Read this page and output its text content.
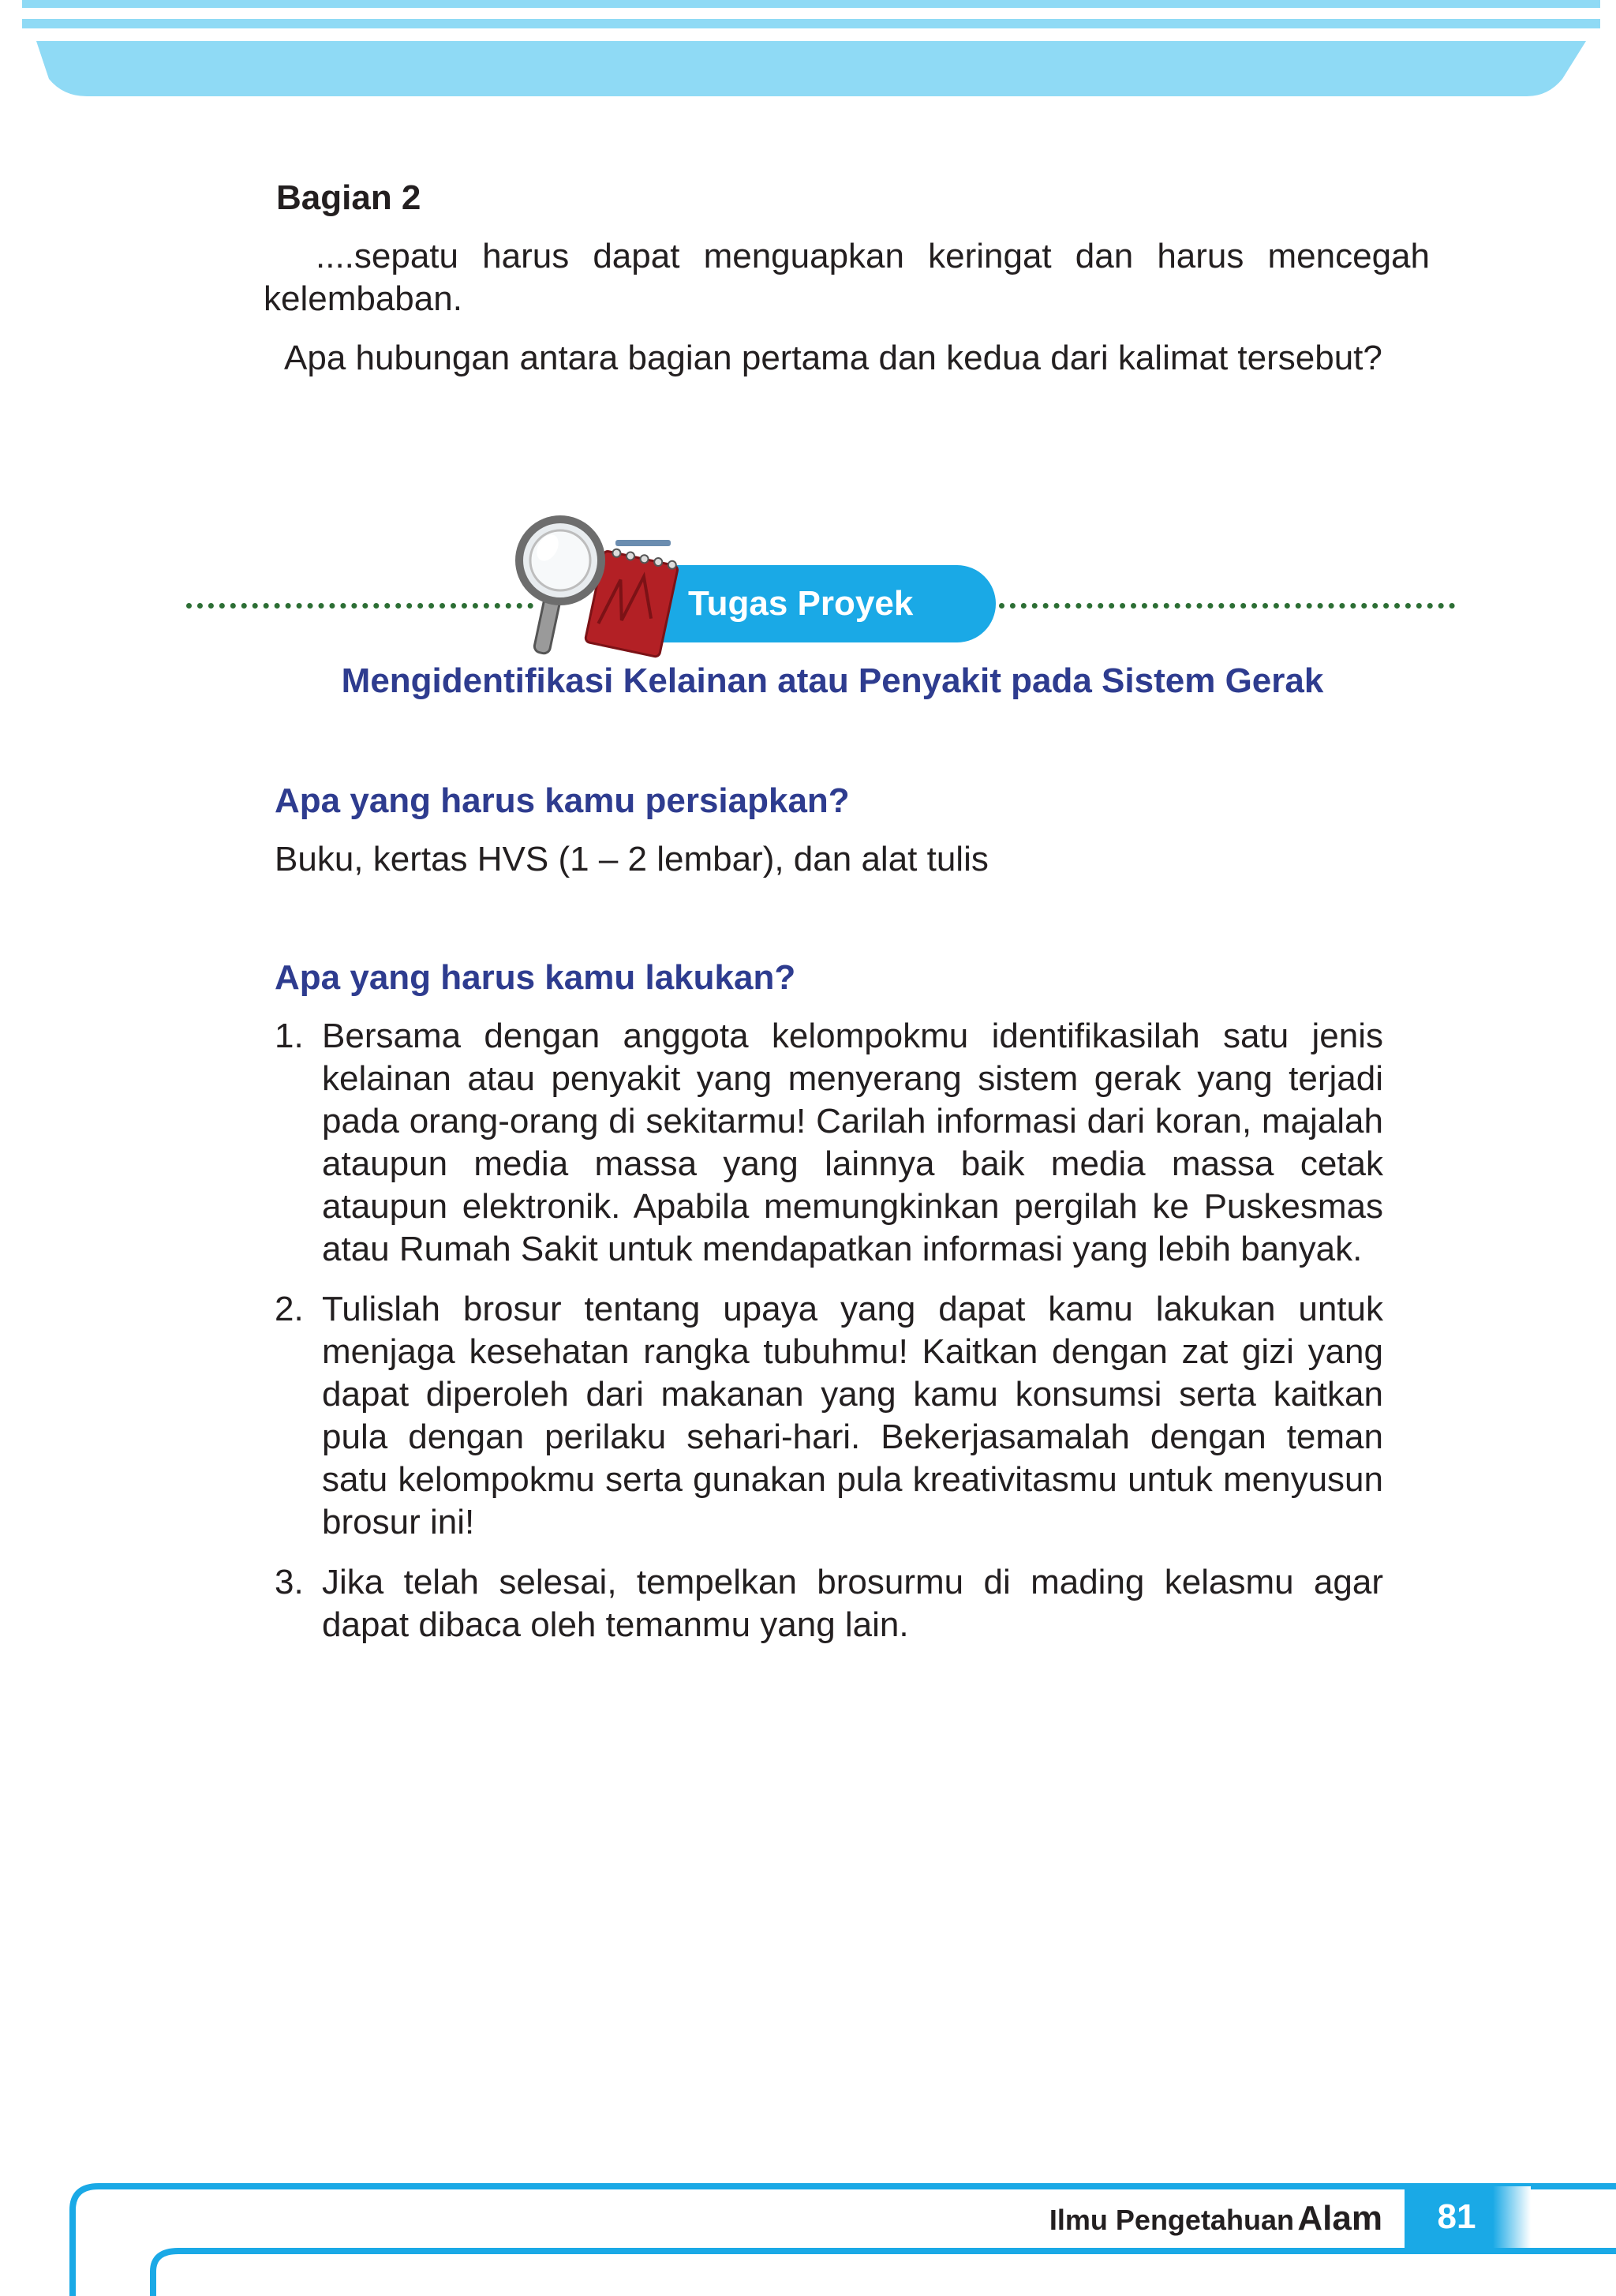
Bagian 2
....sepatu harus dapat menguapkan keringat dan harus mencegah
kelembaban.
Apa hubungan antara bagian pertama dan kedua dari kalimat tersebut?
Tugas Proyek
Mengidentifikasi Kelainan atau Penyakit pada Sistem Gerak
Apa yang harus kamu persiapkan?
Buku, kertas HVS (1 – 2 lembar), dan alat tulis
Apa yang harus kamu lakukan?
1. Bersama dengan anggota kelompokmu identifikasilah satu jenis kelainan atau penyakit yang menyerang sistem gerak yang terjadi pada orang-orang di sekitarmu! Carilah informasi dari koran, majalah ataupun media massa yang lainnya baik media massa cetak ataupun elektronik. Apabila memungkinkan pergilah ke Puskesmas atau Rumah Sakit untuk mendapatkan informasi yang lebih banyak.
2. Tulislah brosur tentang upaya yang dapat kamu lakukan untuk menjaga kesehatan rangka tubuhmu! Kaitkan dengan zat gizi yang dapat diperoleh dari makanan yang kamu konsumsi serta kaitkan pula dengan perilaku sehari-hari. Bekerjasamalah dengan teman satu kelompokmu serta gunakan pula kreativitasmu untuk menyusun brosur ini!
3. Jika telah selesai, tempelkan brosurmu di mading kelasmu agar dapat dibaca oleh temanmu yang lain.
Ilmu Pengetahuan Alam	81
